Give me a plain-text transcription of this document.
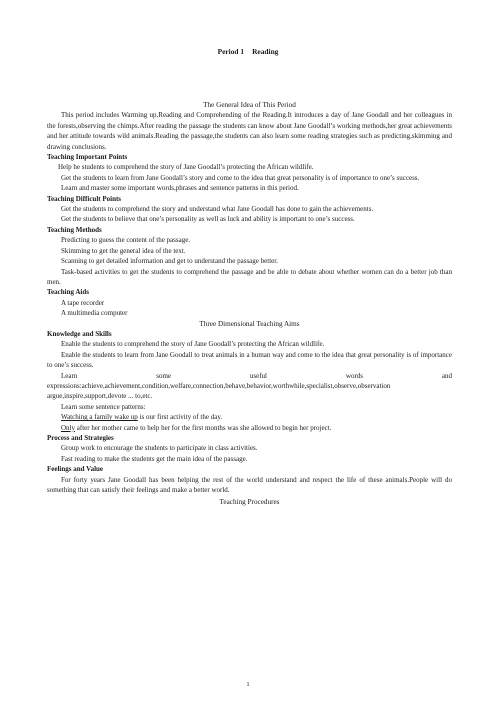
Period 1 Reading

The General Idea of This Period

This period includes Warming up,Reading and Comprehending of the Reading.It introduces a day of Jane Goodall and her colleagues in the forests,observing the chimps.After reading the passage the students can know about Jane Goodall’s working methods,her great achievements and her attitude towards wild animals.Reading the passage,the students can also learn some reading strategies such as predicting,skimming and drawing conclusions.

Teaching Important Points

Help he students to comprehend the story of Jane Goodall’s protecting the African wildlife.

Get the students to learn from Jane Goodall’s story and come to the idea that great personality is of importance to one’s success.

Learn and master some important words,phrases and sentence patterns in this period.

Teaching Difficult Points

Get the students to comprehend the story and understand what Jane Goodall has done to gain the achievements.

Get the students to believe that one’s personality as well as luck and ability is important to one’s success.

Teaching Methods

Predicting to guess the content of the passage.

Skimming to get the general idea of the text.

Scanning to get detailed information and get to understand the passage better.

Task-based activities to get the students to comprehend the passage and be able to debate about whether women can do a better job than men.

Teaching Aids

A tape recorder

A multimedia computer

Three Dimensional Teaching Aims

Knowledge and Skills

Enable the students to comprehend the story of Jane Goodall’s protecting the African wildlife.

Enable the students to learn from Jane Goodall to treat animals in a human way and come to the idea that great personality is of importance to one’s success.

Learn	some	useful	words	and

expressions:achieve,achievement,condition,welfare,connection,behave,behavior,worthwhile,specialist,observe,observation argue,inspire,support,devote ... to,etc.

Learn some sentence patterns:

Watching a family wake up is our first activity of the day.

Only after her mother came to help her for the first months was she allowed to begin her project.

Process and Strategies

Group work to encourage the students to participate in class activities.

Fast reading to make the students get the main idea of the passage.

Feelings and Value

For forty years Jane Goodall has been helping the rest of the world understand and respect the life of these animals.People will do something that can satisfy their feelings and make a better world.

Teaching Procedures

1
